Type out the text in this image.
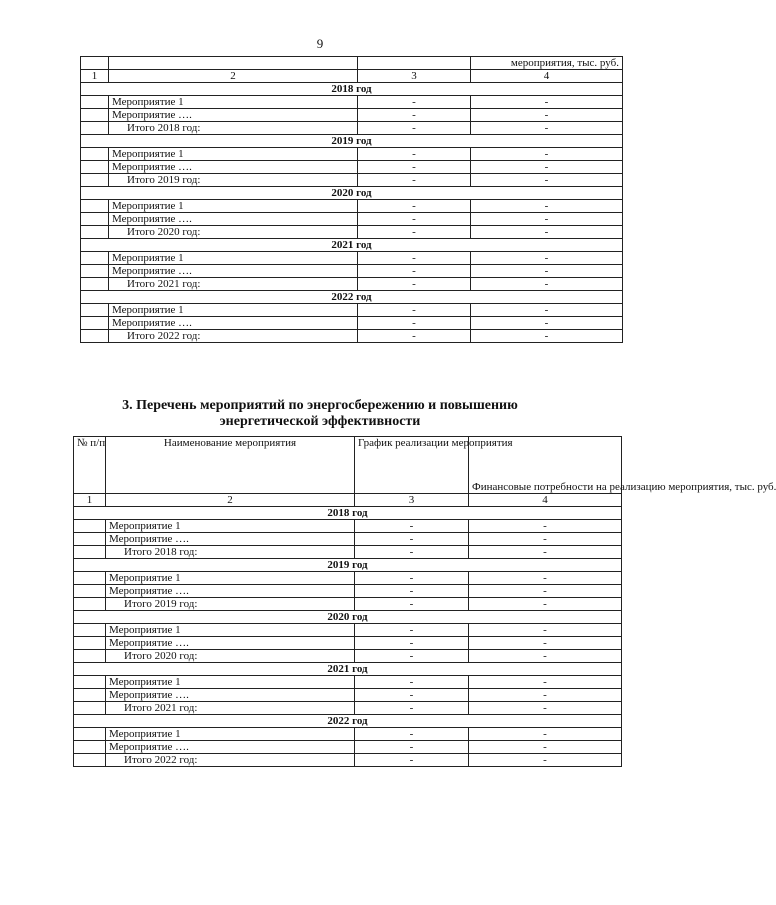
9
			мероприятия, тыс. руб.
1	2	3	4
2018 год			
	Мероприятие 1	-	-
	Мероприятие ….	-	-
	Итого 2018 год:	-	-
2019 год			
	Мероприятие 1	-	-
	Мероприятие ….	-	-
	Итого 2019 год:	-	-
2020 год			
	Мероприятие 1	-	-
	Мероприятие ….	-	-
	Итого 2020 год:	-	-
2021 год			
	Мероприятие 1	-	-
	Мероприятие ….	-	-
	Итого 2021 год:	-	-
2022 год			
	Мероприятие 1	-	-
	Мероприятие ….	-	-
	Итого 2022 год:	-	-
3. Перечень мероприятий по энергосбережению и повышению
энергетической эффективности
№ п/п	Наименование мероприятия	График реализации мероприятия	Финансовые потребности на реализацию мероприятия, тыс. руб.
1	2	3	4
2018 год			
	Мероприятие 1	-	-
	Мероприятие ….	-	-
	Итого 2018 год:	-	-
2019 год			
	Мероприятие 1	-	-
	Мероприятие ….	-	-
	Итого 2019 год:	-	-
2020 год			
	Мероприятие 1	-	-
	Мероприятие ….	-	-
	Итого 2020 год:	-	-
2021 год			
	Мероприятие 1	-	-
	Мероприятие ….	-	-
	Итого 2021 год:	-	-
2022 год			
	Мероприятие 1	-	-
	Мероприятие ….	-	-
	Итого 2022 год:	-	-
